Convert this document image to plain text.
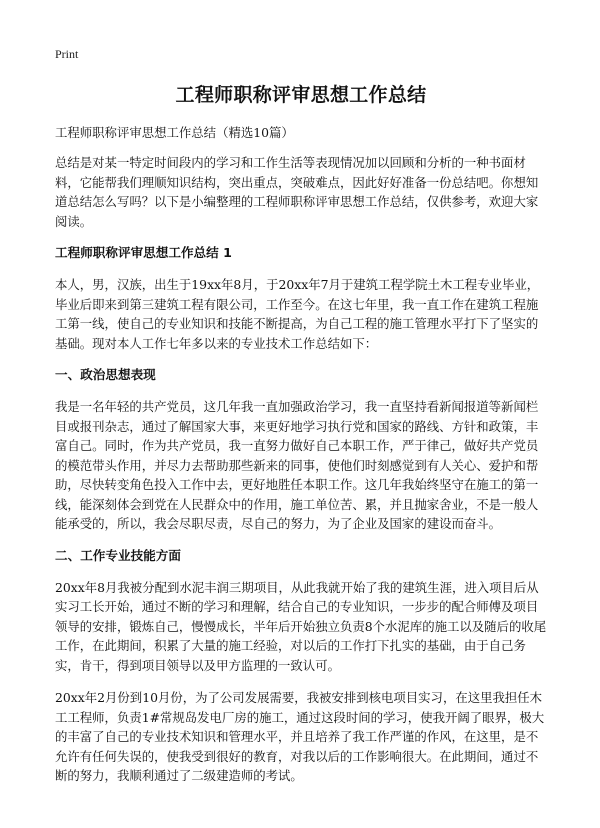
Print
工程师职称评审思想工作总结

工程师职称评审思想工作总结（精选10篇）

总结是对某一特定时间段内的学习和工作生活等表现情况加以回顾和分析的一种书面材料，它能帮我们理顺知识结构，突出重点，突破难点，因此好好准备一份总结吧。你想知道总结怎么写吗？以下是小编整理的工程师职称评审思想工作总结，仅供参考，欢迎大家阅读。

工程师职称评审思想工作总结 1

本人，男，汉族，出生于19xx年8月，于20xx年7月于建筑工程学院土木工程专业毕业，毕业后即来到第三建筑工程有限公司，工作至今。在这七年里，我一直工作在建筑工程施工第一线，使自己的专业知识和技能不断提高，为自己工程的施工管理水平打下了坚实的基础。现对本人工作七年多以来的专业技术工作总结如下：

一、政治思想表现

我是一名年轻的共产党员，这几年我一直加强政治学习，我一直坚持看新闻报道等新闻栏目或报刊杂志，通过了解国家大事，来更好地学习执行党和国家的路线、方针和政策，丰富自己。同时，作为共产党员，我一直努力做好自己本职工作，严于律己，做好共产党员的模范带头作用，并尽力去帮助那些新来的同事，使他们时刻感觉到有人关心、爱护和帮助，尽快转变角色投入工作中去，更好地胜任本职工作。这几年我始终坚守在施工的第一线，能深刻体会到党在人民群众中的作用，施工单位苦、累，并且抛家舍业，不是一般人能承受的，所以，我会尽职尽责，尽自己的努力，为了企业及国家的建设而奋斗。

二、工作专业技能方面

20xx年8月我被分配到水泥丰润三期项目，从此我就开始了我的建筑生涯，进入项目后从实习工长开始，通过不断的学习和理解，结合自己的专业知识，一步步的配合师傅及项目领导的安排，锻炼自己，慢慢成长，半年后开始独立负责8个水泥库的施工以及随后的收尾工作，在此期间，积累了大量的施工经验，对以后的工作打下扎实的基础，由于自己务实，肯干，得到项目领导以及甲方监理的一致认可。

20xx年2月份到10月份，为了公司发展需要，我被安排到核电项目实习，在这里我担任木工工程师，负责1#常规岛发电厂房的施工，通过这段时间的学习，使我开阔了眼界，极大的丰富了自己的专业技术知识和管理水平，并且培养了我工作严谨的作风，在这里，是不允许有任何失误的，使我受到很好的教育，对我以后的工作影响很大。在此期间，通过不断的努力，我顺利通过了二级建造师的考试。
